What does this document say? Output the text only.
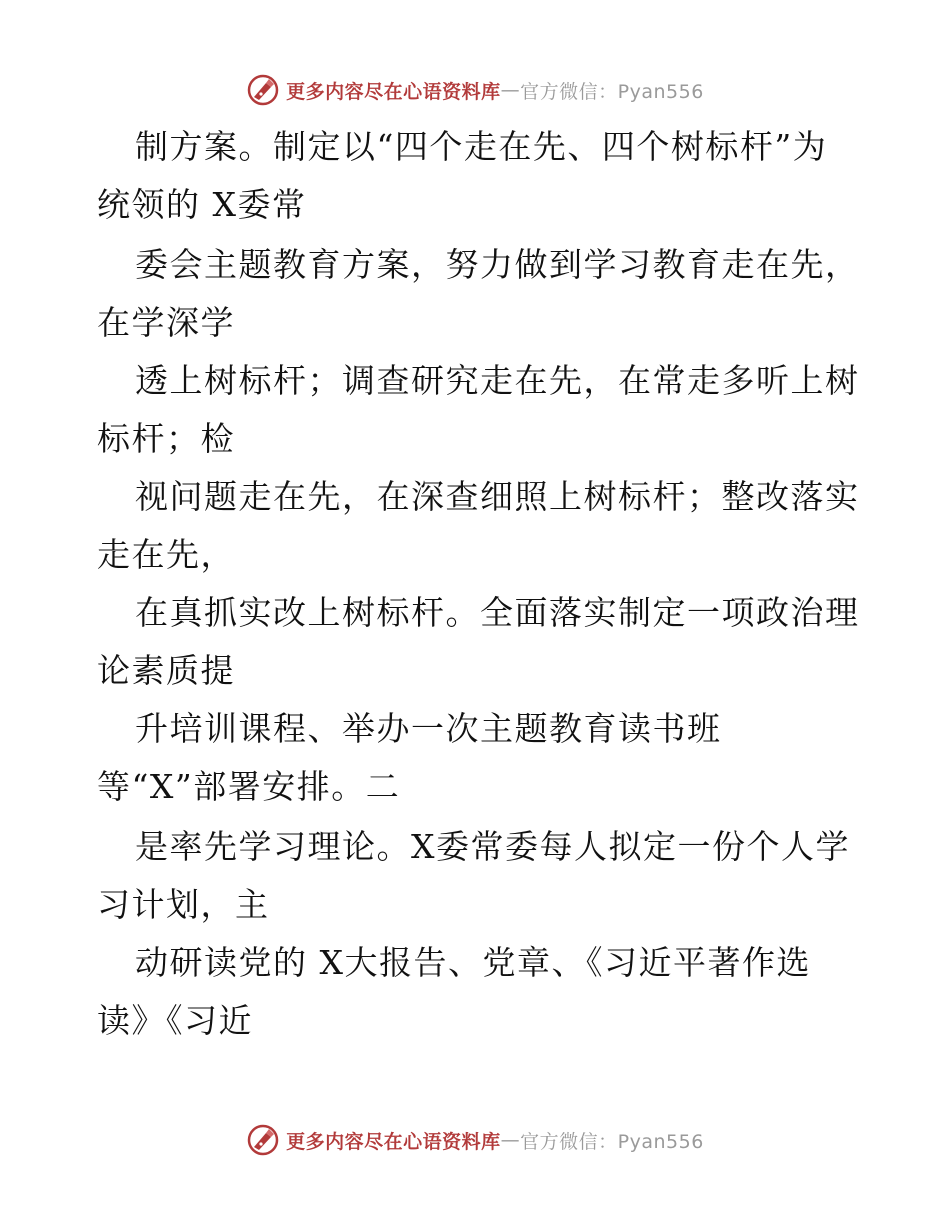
更多内容尽在心语资料库 — 官方微信：Pyan556
制方案。制定以“四个走在先、四个树标杆”为
统领的 X委常
委会主题教育方案，努力做到学习教育走在先，
在学深学
透上树标杆；调查研究走在先，在常走多听上树
标杆；检
视问题走在先，在深查细照上树标杆；整改落实
走在先，
在真抓实改上树标杆。全面落实制定一项政治理
论素质提
升培训课程、举办一次主题教育读书班
等“X”部署安排。二
是率先学习理论。X委常委每人拟定一份个人学
习计划，主
动研读党的 X大报告、党章、《习近平著作选
读》《习近
更多内容尽在心语资料库 — 官方微信：Pyan556
